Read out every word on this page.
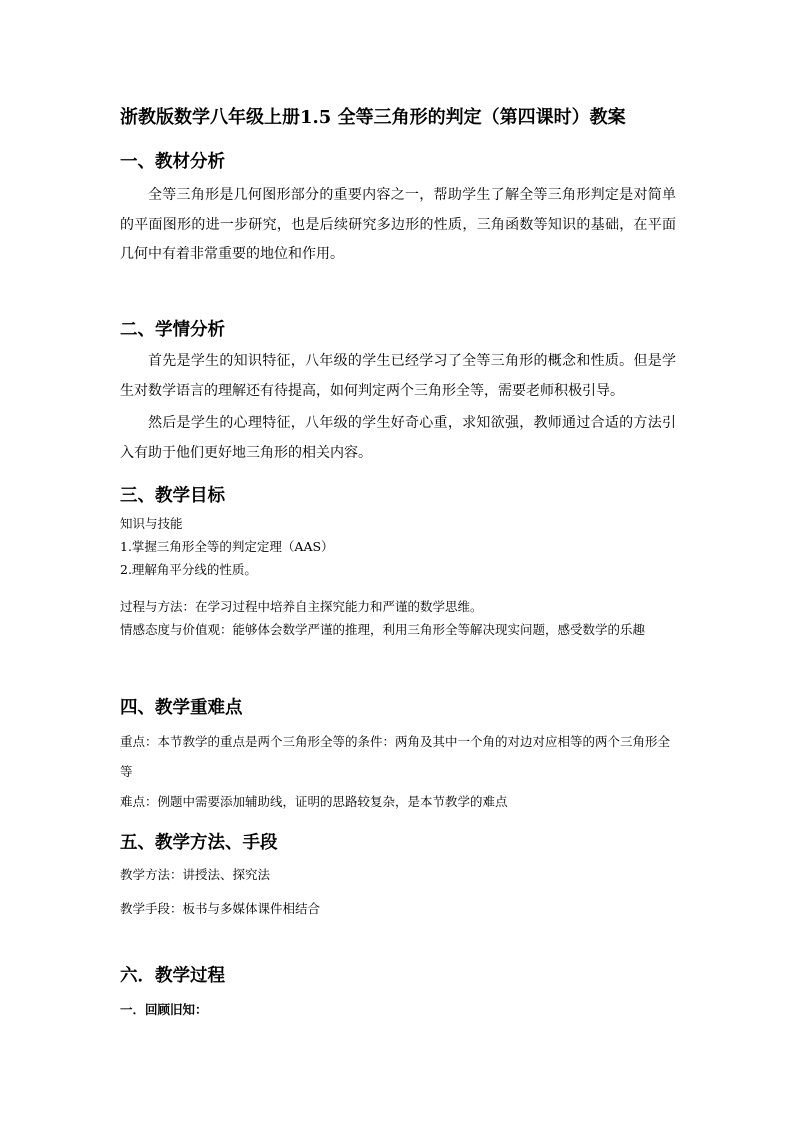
浙教版数学八年级上册1.5 全等三角形的判定（第四课时）教案
一、教材分析
全等三角形是几何图形部分的重要内容之一，帮助学生了解全等三角形判定是对简单的平面图形的进一步研究，也是后续研究多边形的性质，三角函数等知识的基础，在平面几何中有着非常重要的地位和作用。
二、学情分析
首先是学生的知识特征，八年级的学生已经学习了全等三角形的概念和性质。但是学生对数学语言的理解还有待提高，如何判定两个三角形全等，需要老师积极引导。
然后是学生的心理特征，八年级的学生好奇心重，求知欲强，教师通过合适的方法引入有助于他们更好地三角形的相关内容。
三、教学目标
知识与技能
1.掌握三角形全等的判定定理（AAS）
2.理解角平分线的性质。
过程与方法：在学习过程中培养自主探究能力和严谨的数学思维。
情感态度与价值观：能够体会数学严谨的推理，利用三角形全等解决现实问题，感受数学的乐趣
四、教学重难点
重点：本节教学的重点是两个三角形全等的条件：两角及其中一个角的对边对应相等的两个三角形全等
难点：例题中需要添加辅助线，证明的思路较复杂，是本节教学的难点
五、教学方法、手段
教学方法：讲授法、探究法
教学手段：板书与多媒体课件相结合
六．教学过程
一．回顾旧知：
